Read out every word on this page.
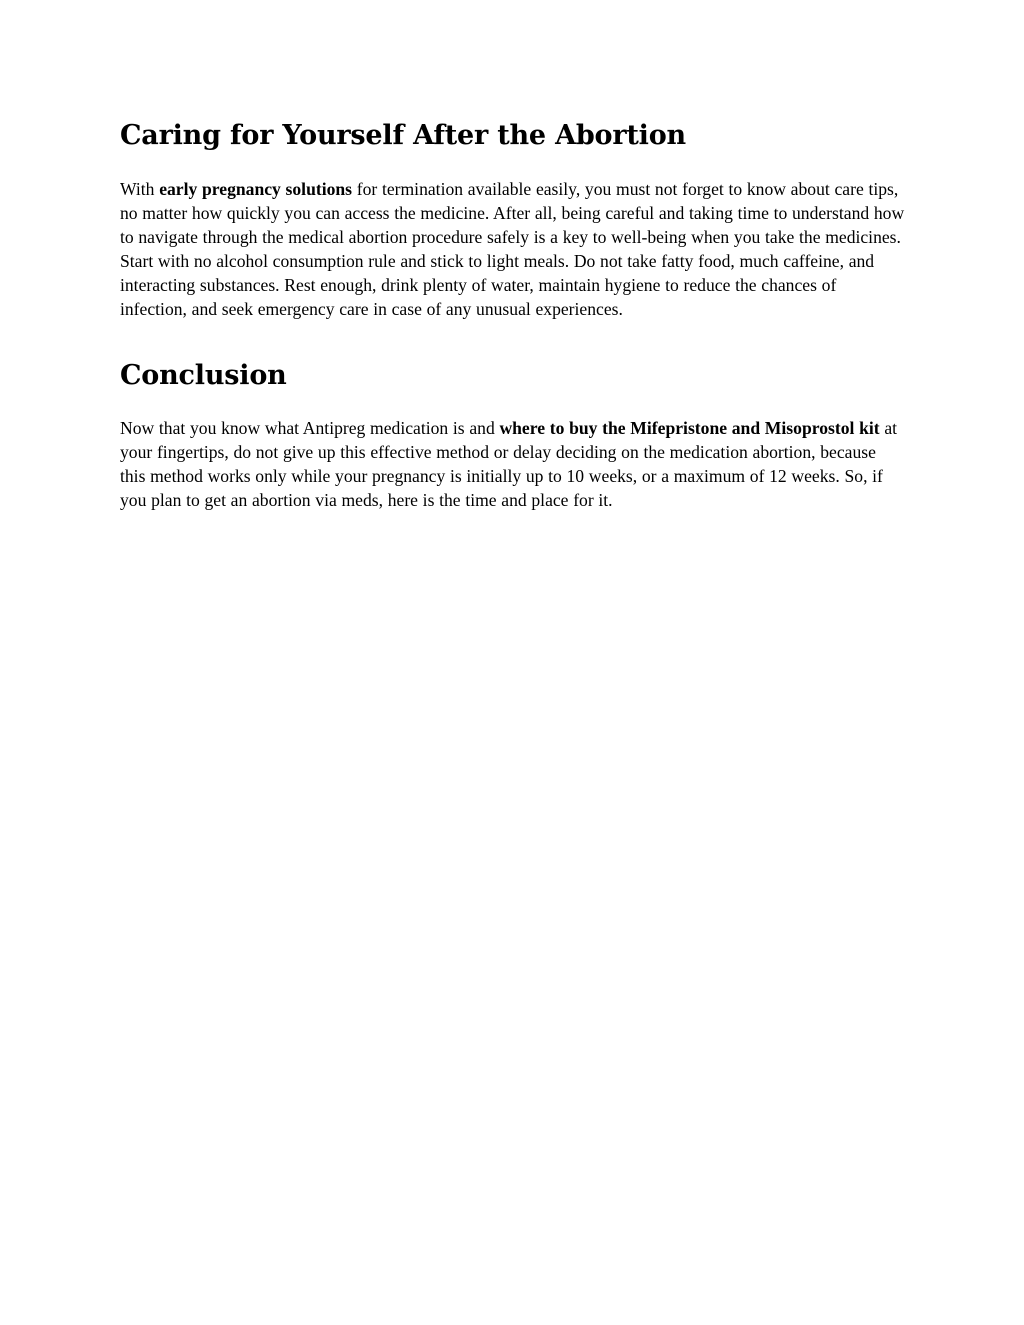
Caring for Yourself After the Abortion

With early pregnancy solutions for termination available easily, you must not forget to know about care tips, no matter how quickly you can access the medicine. After all, being careful and taking time to understand how to navigate through the medical abortion procedure safely is a key to well-being when you take the medicines. Start with no alcohol consumption rule and stick to light meals. Do not take fatty food, much caffeine, and interacting substances. Rest enough, drink plenty of water, maintain hygiene to reduce the chances of infection, and seek emergency care in case of any unusual experiences.

Conclusion

Now that you know what Antipreg medication is and where to buy the Mifepristone and Misoprostol kit at your fingertips, do not give up this effective method or delay deciding on the medication abortion, because this method works only while your pregnancy is initially up to 10 weeks, or a maximum of 12 weeks. So, if you plan to get an abortion via meds, here is the time and place for it.
